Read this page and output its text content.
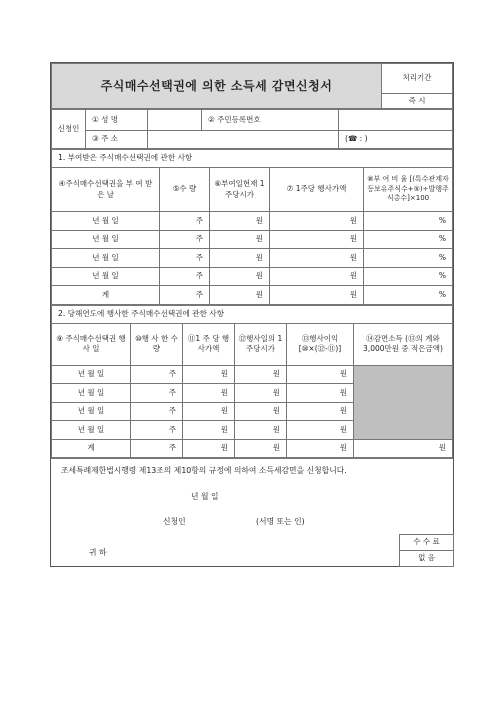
주식매수선택권에 의한 소득세 감면신청서	처리기간
즉 시
신청인	① 성 명		② 주민등록번호	
	③ 주 소			(☎ : )
1. 부여받은 주식매수선택권에 관한 사항				
④주식매수선택권을 부 여 받 은 날	⑤수 량	⑥부여일현재 1주당시가	⑦ 1주당 행사가액	⑧부 여 비 율 [(특수관계자등보유주식수+⑤)÷발행주식총수]×100
년 월 일	주	원	원	%
년 월 일	주	원	원	%
년 월 일	주	원	원	%
년 월 일	주	원	원	%
계	주	원	원	%
2. 당해연도에 행사한 주식매수선택권에 관한 사항					
⑨ 주식매수선택권 행 사 일	⑩행 사 한 수 량	⑪1 주 당 행사가액	⑫행사일의 1주당시가	⑬행사이익 [⑩×(⑫-⑪)]	⑭감면소득 (⑬의 계와 3,000만원 중 적은금액)
년 월 일	주	원	원	원	
년 월 일	주	원	원	원	
년 월 일	주	원	원	원	
년 월 일	주	원	원	원	
계	주	원	원	원	원
조세특례제한법시행령 제13조의 제10항의 규정에 의하여 소득세감면을 신청합니다.
년 월 일
신청인	(서명 또는 인)
귀 하
수 수 료
없 음
